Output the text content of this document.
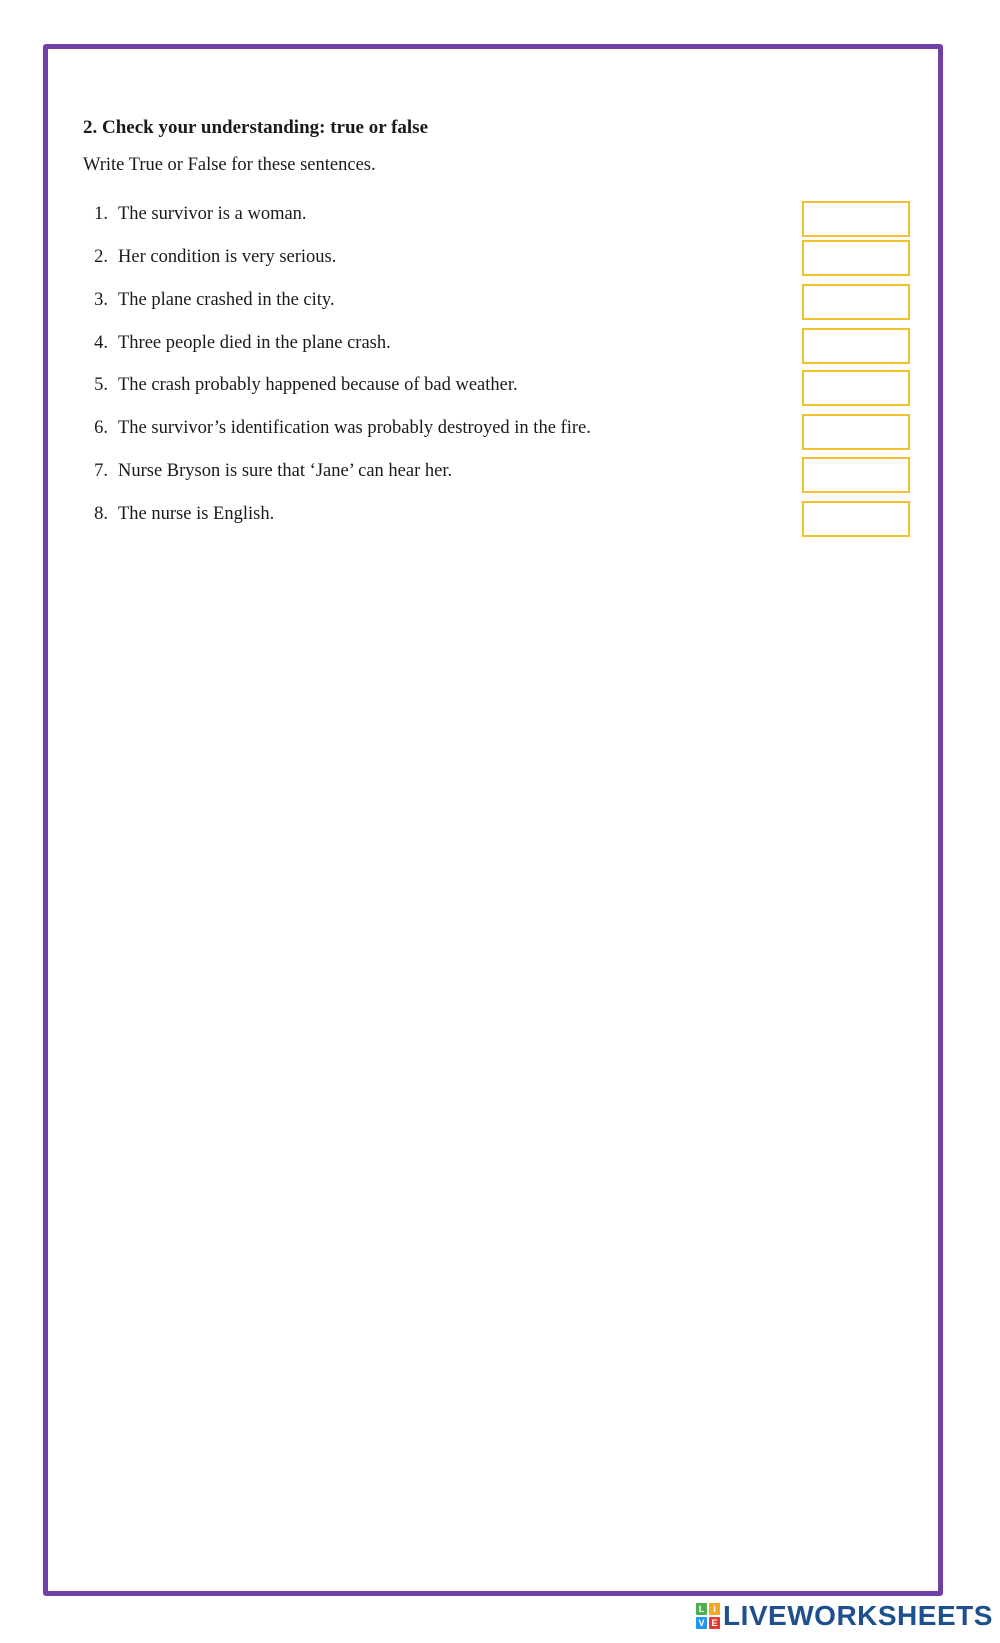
2. Check your understanding: true or false
Write True or False for these sentences.
1. The survivor is a woman.
2. Her condition is very serious.
3. The plane crashed in the city.
4. Three people died in the plane crash.
5. The crash probably happened because of bad weather.
6. The survivor’s identification was probably destroyed in the fire.
7. Nurse Bryson is sure that ‘Jane’ can hear her.
8. The nurse is English.
L I
V E LIVEWORKSHEETS
